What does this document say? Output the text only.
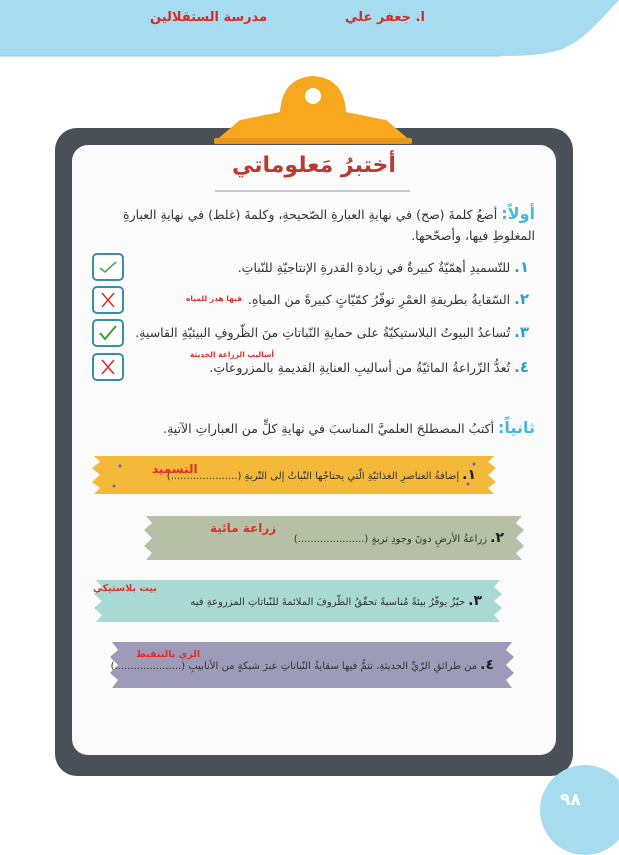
ا. جعفر علي
مدرسة الستقلالين
أختبرُ مَعلوماتي
أولاً: أضعُ كلمةَ (صح) في نهايةِ العبارةِ الصّحيحةِ، وكلمةَ (غلط) في نهايةِ العبارةِ المغلوطِ فيها، وأصحّحها.
١.للتّسميدِ أهمّيّةٌ كبيرةٌ في زيادةِ القدرةِ الإنتاجيّةِ للنّباتِ.
٢.السّقايةُ بطريقةِ الغمْرِ توفّرُ كمّيّاتٍ كبيرةً من المياهِ.
٣.تُساعدُ البيوتُ البلاستيكيّةُ على حمايةِ النّباتاتِ منَ الظّروفِ البيئيّةِ القاسيةِ.
٤.تُعدُّ الزّراعةُ المائيّةُ من أساليبِ العنايةِ القديمةِ بالمزروعاتِ.
فيها هدر للمياه
أساليب الزراعة الحديثة
ثانياً: أكتبُ المصطلحَ العلميَّ المناسبَ في نهايةِ كلٍّ من العباراتِ الآتيةِ.
١.إضافةُ العناصرِ الغذائيّةِ الّتي يحتاجُها النّباتُ إلى التّربةِ (.....................)
التسميد
٢.زراعةُ الأرضِ دونَ وجودِ تربةٍ (.....................)
زراعة مائية
٣.حيّزٌ يوفّرُ بيئةً مُناسبةً تحقّقُ الظّروفَ الملائمةَ للنّباتاتِ المزروعةِ فيه
بيت بلاستيكي
٤.من طرائقِ الرّيِّ الحديثةِ، تتمُّ فيها سقايةُ النّباتاتِ عبرَ شبكةٍ من الأنابيبِ (.....................)
الري بالتنقيط
٩٨
